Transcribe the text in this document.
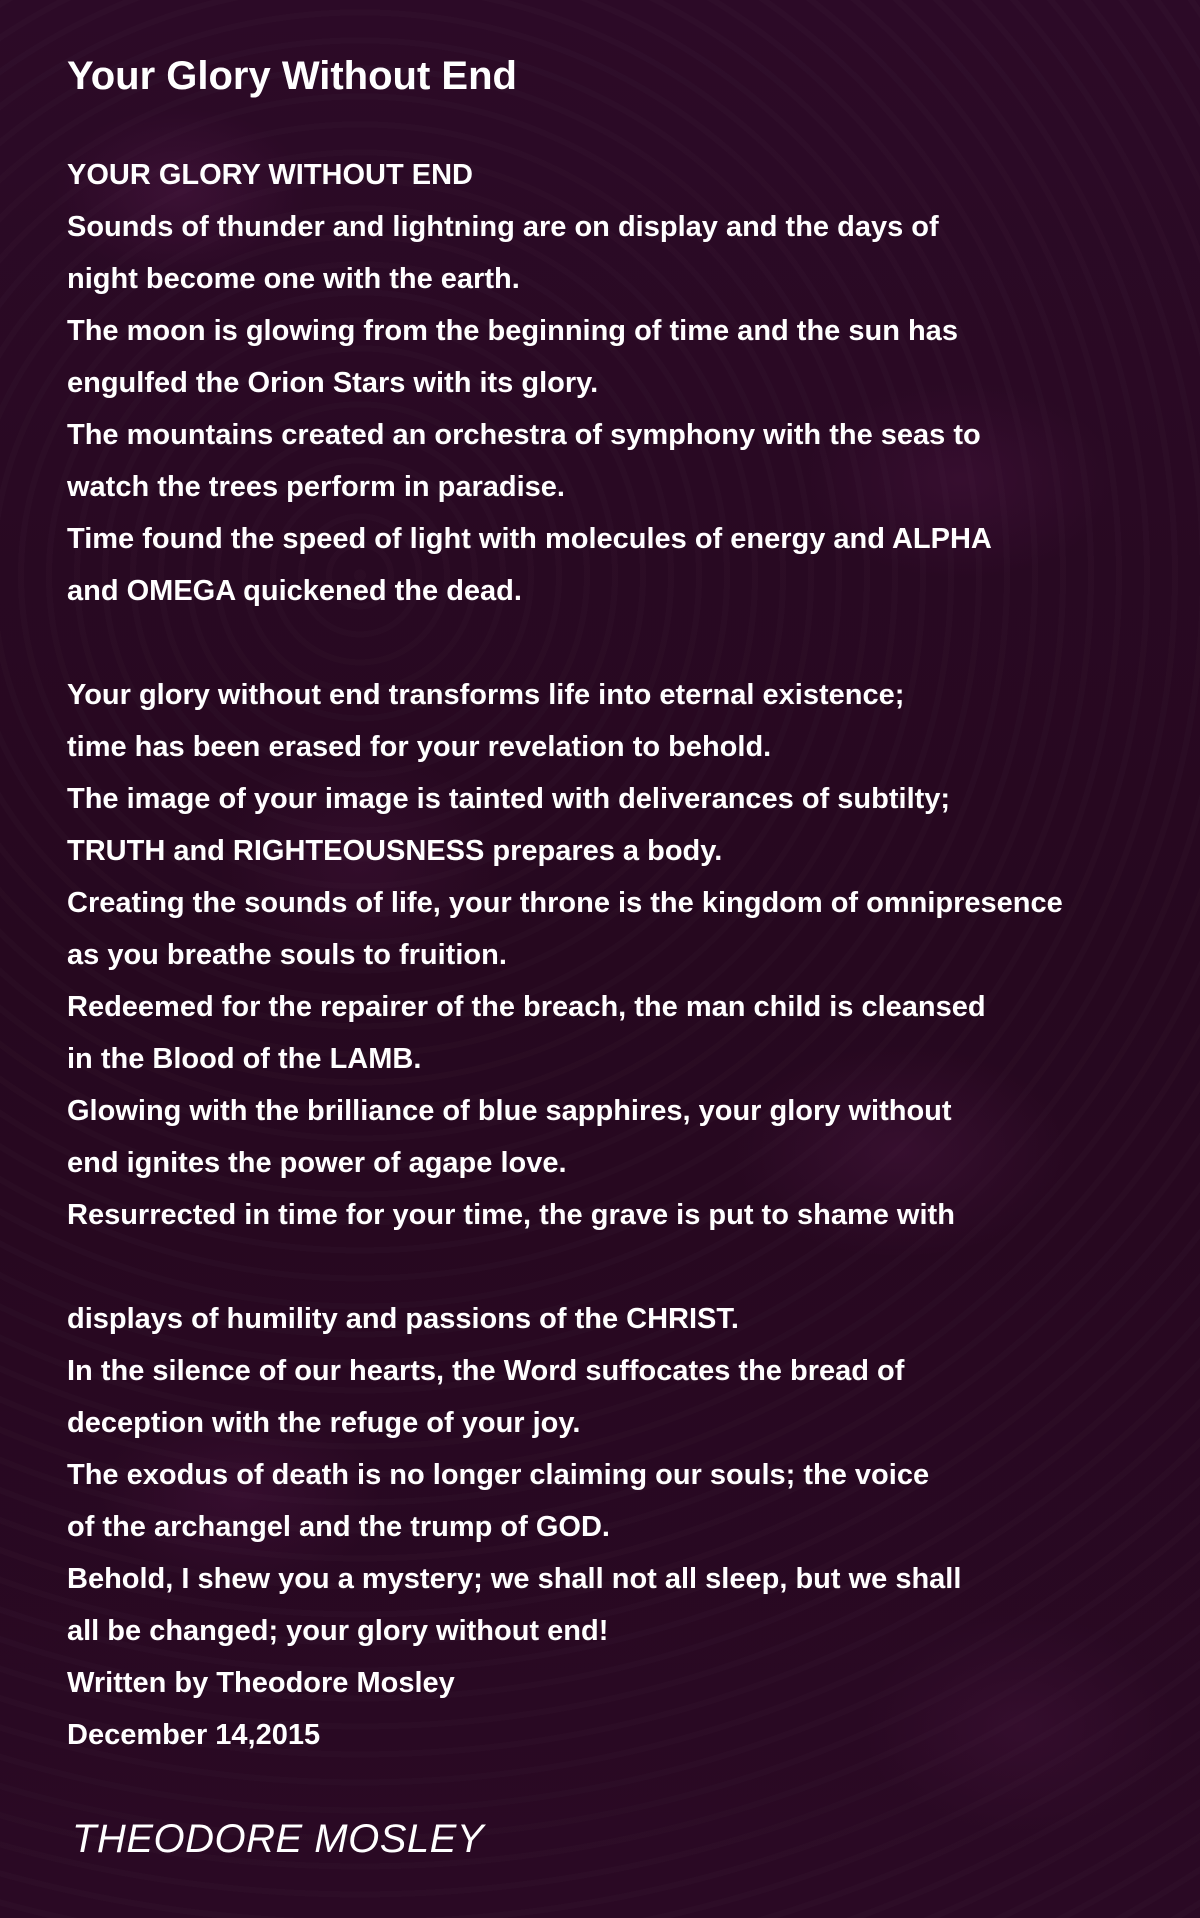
Your Glory Without End
YOUR GLORY WITHOUT END
Sounds of thunder and lightning are on display and the days of
night become one with the earth.
The moon is glowing from the beginning of time and the sun has
engulfed the Orion Stars with its glory.
The mountains created an orchestra of symphony with the seas to
watch the trees perform in paradise.
Time found the speed of light with molecules of energy and ALPHA
and OMEGA quickened the dead.
Your glory without end transforms life into eternal existence;
time has been erased for your revelation to behold.
The image of your image is tainted with deliverances of subtilty;
TRUTH and RIGHTEOUSNESS prepares a body.
Creating the sounds of life, your throne is the kingdom of omnipresence
as you breathe souls to fruition.
Redeemed for the repairer of the breach, the man child is cleansed
in the Blood of the LAMB.
Glowing with the brilliance of blue sapphires, your glory without
end ignites the power of agape love.
Resurrected in time for your time, the grave is put to shame with
displays of humility and passions of the CHRIST.
In the silence of our hearts, the Word suffocates the bread of
deception with the refuge of your joy.
The exodus of death is no longer claiming our souls; the voice
of the archangel and the trump of GOD.
Behold, I shew you a mystery; we shall not all sleep, but we shall
all be changed; your glory without end!
Written by Theodore Mosley
December 14,2015
THEODORE MOSLEY
